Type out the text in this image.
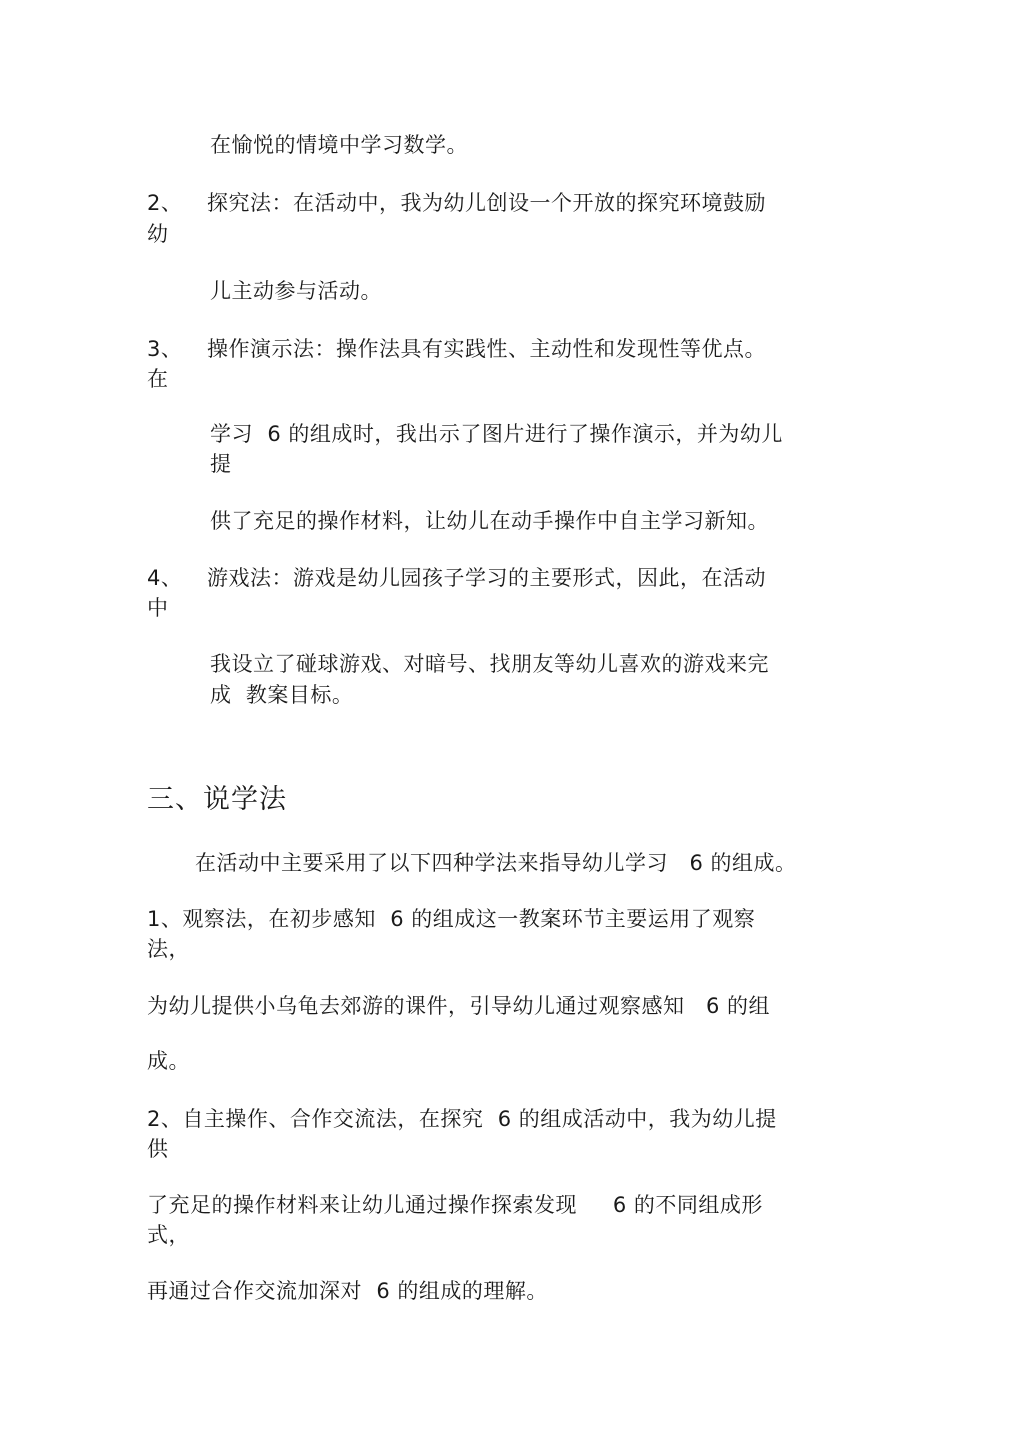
在愉悦的情境中学习数学。
2、 探究法：在活动中，我为幼儿创设一个开放的探究环境鼓励
幼
儿主动参与活动。
3、 操作演示法：操作法具有实践性、主动性和发现性等优点。
在
学习  6 的组成时，我出示了图片进行了操作演示，并为幼儿
提
供了充足的操作材料，让幼儿在动手操作中自主学习新知。
4、 游戏法：游戏是幼儿园孩子学习的主要形式，因此，在活动
中
我设立了碰球游戏、对暗号、找朋友等幼儿喜欢的游戏来完
成  教案目标。
三、说学法
在活动中主要采用了以下四种学法来指导幼儿学习   6 的组成。
1、观察法，在初步感知  6 的组成这一教案环节主要运用了观察
法，
为幼儿提供小乌龟去郊游的课件，引导幼儿通过观察感知   6 的组
成。
2、自主操作、合作交流法，在探究  6 的组成活动中，我为幼儿提
供
了充足的操作材料来让幼儿通过操作探索发现     6 的不同组成形
式，
再通过合作交流加深对  6 的组成的理解。
